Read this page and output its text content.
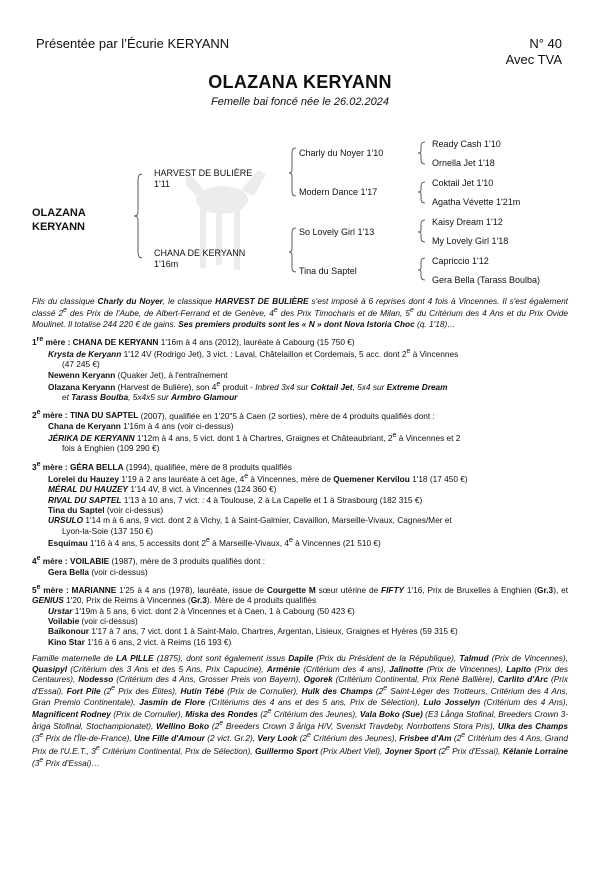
Présentée par l’Écurie KERYANN	N° 40
Avec TVA
OLAZANA KERYANN
Femelle bai foncé née le 26.02.2024
OLAZANA
KERYANN
HARVEST DE BULIÈRE
1'11
CHANA DE KERYANN
1'16m
Charly du Noyer 1'10
Modern Dance 1'17
So Lovely Girl 1'13
Tina du Saptel
Ready Cash 1'10
Ornella Jet 1'18
Coktail Jet 1'10
Agatha Vévette 1'21m
Kaisy Dream 1'12
My Lovely Girl 1'18
Capriccio 1'12
Gera Bella (Tarass Boulba)
Fils du classique Charly du Noyer, le classique HARVEST DE BULIÈRE s'est imposé à 6 reprises dont 4 fois à Vincennes. Il s'est également classé 2e des Prix de l'Aube, de Albert-Ferrand et de Genève, 4e des Prix Timocharis et de Milan, 5e du Critérium des 4 Ans et du Prix Ovide Moulinet. Il totalise 244 220 € de gains. Ses premiers produits sont les « N » dont Nova Istoria Choc (q. 1'18)…
1re mère : CHANA DE KERYANN 1'16m à 4 ans (2012), lauréate à Cabourg (15 750 €)
Krysta de Keryann 1'12 4V (Rodrigo Jet), 3 vict. : Laval, Châtelaillon et Cordemais, 5 acc. dont 2e à Vincennes
(47 245 €)
Newenn Keryann (Quaker Jet), à l'entraînement
Olazana Keryann (Harvest de Bulière), son 4e produit - Inbred 3x4 sur Coktail Jet, 5x4 sur Extreme Dream
et Tarass Boulba, 5x4x5 sur Armbro Glamour
2e mère : TINA DU SAPTEL (2007), qualifiée en 1'20"5 à Caen (2 sorties), mère de 4 produits qualifiés dont :
Chana de Keryann 1'16m à 4 ans (voir ci-dessus)
JÉRIKA DE KERYANN 1'12m à 4 ans, 5 vict. dont 1 à Chartres, Graignes et Châteaubriant, 2e à Vincennes et 2
fois à Enghien (109 290 €)
3e mère : GÉRA BELLA (1994), qualifiée, mère de 8 produits qualifiés
Lorelei du Hauzey 1'19 à 2 ans lauréate à cet âge, 4e à Vincennes, mère de Quemener Kervilou 1'18 (17 450 €)
MÉRAL DU HAUZEY 1'14 4V, 8 vict. à Vincennes (124 360 €)
RIVAL DU SAPTEL 1'13 à 10 ans, 7 vict. : 4 à Toulouse, 2 à La Capelle et 1 à Strasbourg (182 315 €)
Tina du Saptel (voir ci-dessus)
URSULO 1'14 m à 6 ans, 9 vict. dont 2 à Vichy, 1 à Saint-Galmier, Cavaillon, Marseille-Vivaux, Cagnes/Mer et
Lyon-la-Soie (137 150 €)
Esquimau 1'16 à 4 ans, 5 accessits dont 2e à Marseille-Vivaux, 4e à Vincennes (21 510 €)
4e mère : VOILABIE (1987), mère de 3 produits qualifiés dont :
Gera Bella (voir ci-dessus)
5e mère : MARIANNE 1'25 à 4 ans (1978), lauréate, issue de Courgette M sœur utérine de FIFTY 1'16, Prix de Bruxelles à Enghien (Gr.3), et GENIUS 1'20, Prix de Reims à Vincennes (Gr.3). Mère de 4 produits qualifiés
Urstar 1'19m à 5 ans, 6 vict. dont 2 à Vincennes et à Caen, 1 à Cabourg (50 423 €)
Voilabie (voir ci-dessus)
Baïkonour 1'17 à 7 ans, 7 vict. dont 1 à Saint-Malo, Chartres, Argentan, Lisieux, Graignes et Hyères (59 315 €)
Kino Star 1'16 à 6 ans, 2 vict. à Reims (16 193 €)
Famille maternelle de LA PILLE (1875), dont sont également issus Dapile (Prix du Président de la République), Talmud (Prix de Vincennes), Quasipyl (Critérium des 3 Ans et des 5 Ans, Prix Capucine), Arménie (Critérium des 4 ans), Jalinotte (Prix de Vincennes), Lapito (Prix des Centaures), Nodesso (Critérium des 4 Ans, Grosser Preis von Bayern), Ogorek (Critérium Continental, Prix René Ballière), Carlito d'Arc (Prix d'Essai), Fort Pile (2e Prix des Élites), Hutin Tébé (Prix de Cornulier), Hulk des Champs (2e Saint-Léger des Trotteurs, Critérium des 4 Ans, Gran Premio Continentale), Jasmin de Flore (Critériums des 4 ans et des 5 ans, Prix de Sélection), Lulo Josselyn (Critérium des 4 Ans), Magnificent Rodney (Prix de Cornulier), Miska des Rondes (2e Critérium des Jeunes), Vala Boko (Sue) (E3 Långa Stofinal, Breeders Crown 3-åriga Stofinal, Stochampionatet), Wellino Boko (2e Breeders Crown 3 åriga H/V, Svenskt Travdeby, Norrbottens Stora Pris), Ulka des Champs (3e Prix de l'Île-de-France), Une Fille d'Amour (2 vict. Gr.2), Very Look (2e Critérium des Jeunes), Frisbee d'Am (2e Critérium des 4 Ans, Grand Prix de l'U.E.T., 3e Critérium Continental, Prix de Sélection), Guillermo Sport (Prix Albert Viel), Joyner Sport (2e Prix d'Essai), Kélanie Lorraine (3e Prix d'Essai)…
